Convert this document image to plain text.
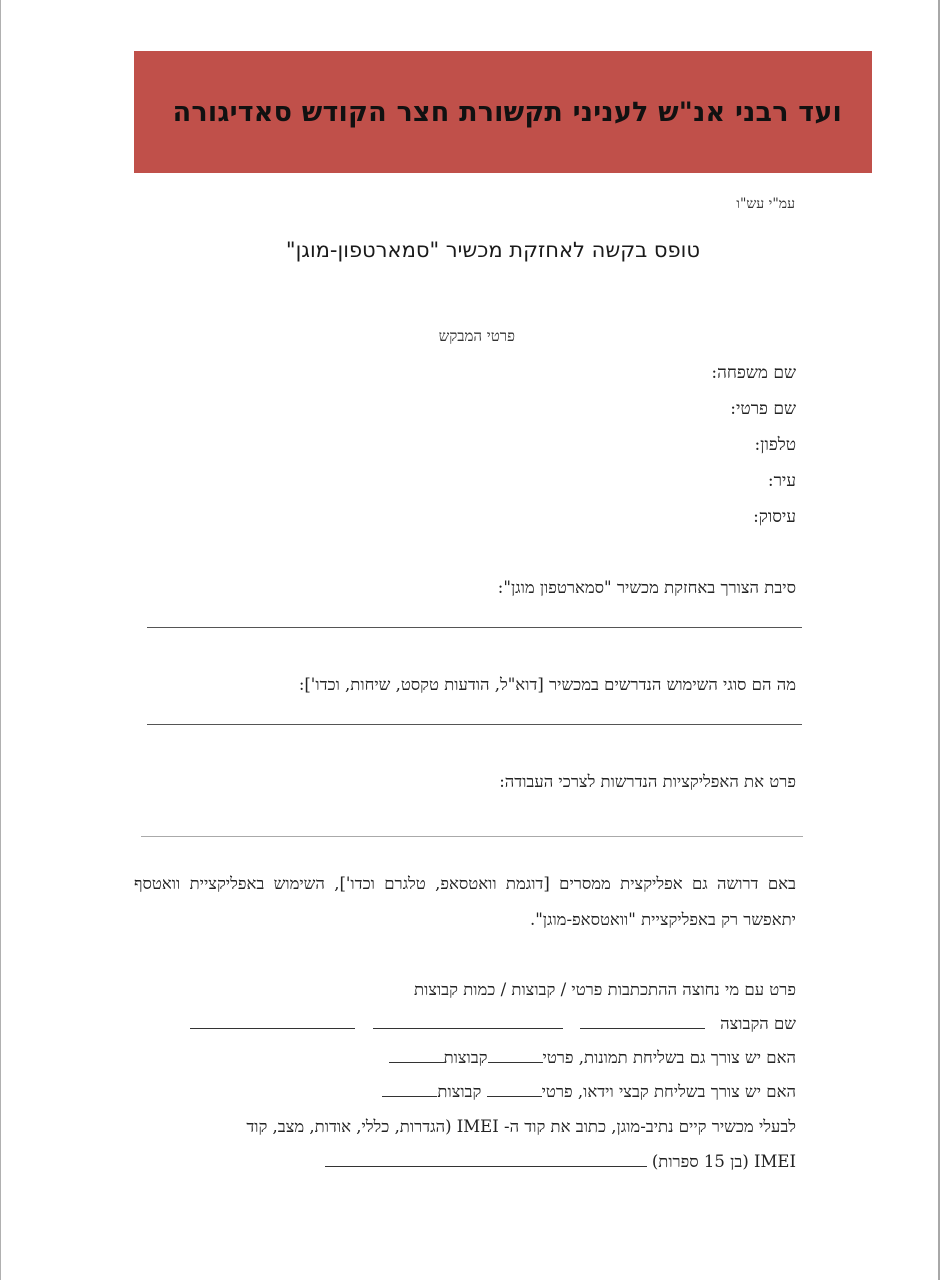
ועד רבני אנ"ש לעניני תקשורת חצר הקודש סאדיגורה
עמ"י עש"ו
טופס בקשה לאחזקת מכשיר "סמארטפון-מוגן"
פרטי המבקש
שם משפחה:
שם פרטי:
טלפון:
עיר:
עיסוק:
סיבת הצורך באחזקת מכשיר "סמארטפון מוגן":
מה הם סוגי השימוש הנדרשים במכשיר [דוא"ל, הודעות טקסט, שיחות, וכדו']:
פרט את האפליקציות הנדרשות לצרכי העבודה:
באם דרושה גם אפליקצית ממסרים [דוגמת וואטסאפ, טלגרם וכדו'], השימוש באפליקציית וואטסף יתאפשר רק באפליקציית "וואטסאפ-מוגן".
פרט עם מי נחוצה ההתכתבות פרטי / קבוצות / כמות קבוצות
שם הקבוצה
האם יש צורך גם בשליחת תמונות, פרטיקבוצות
האם יש צורך בשליחת קבצי וידאו, פרטי קבוצות
לבעלי מכשיר קיים נתיב-מוגן, כתוב את קוד ה- IMEI (הגדרות, כללי, אודות, מצב, קוד
IMEI (בן 15 ספרות)
